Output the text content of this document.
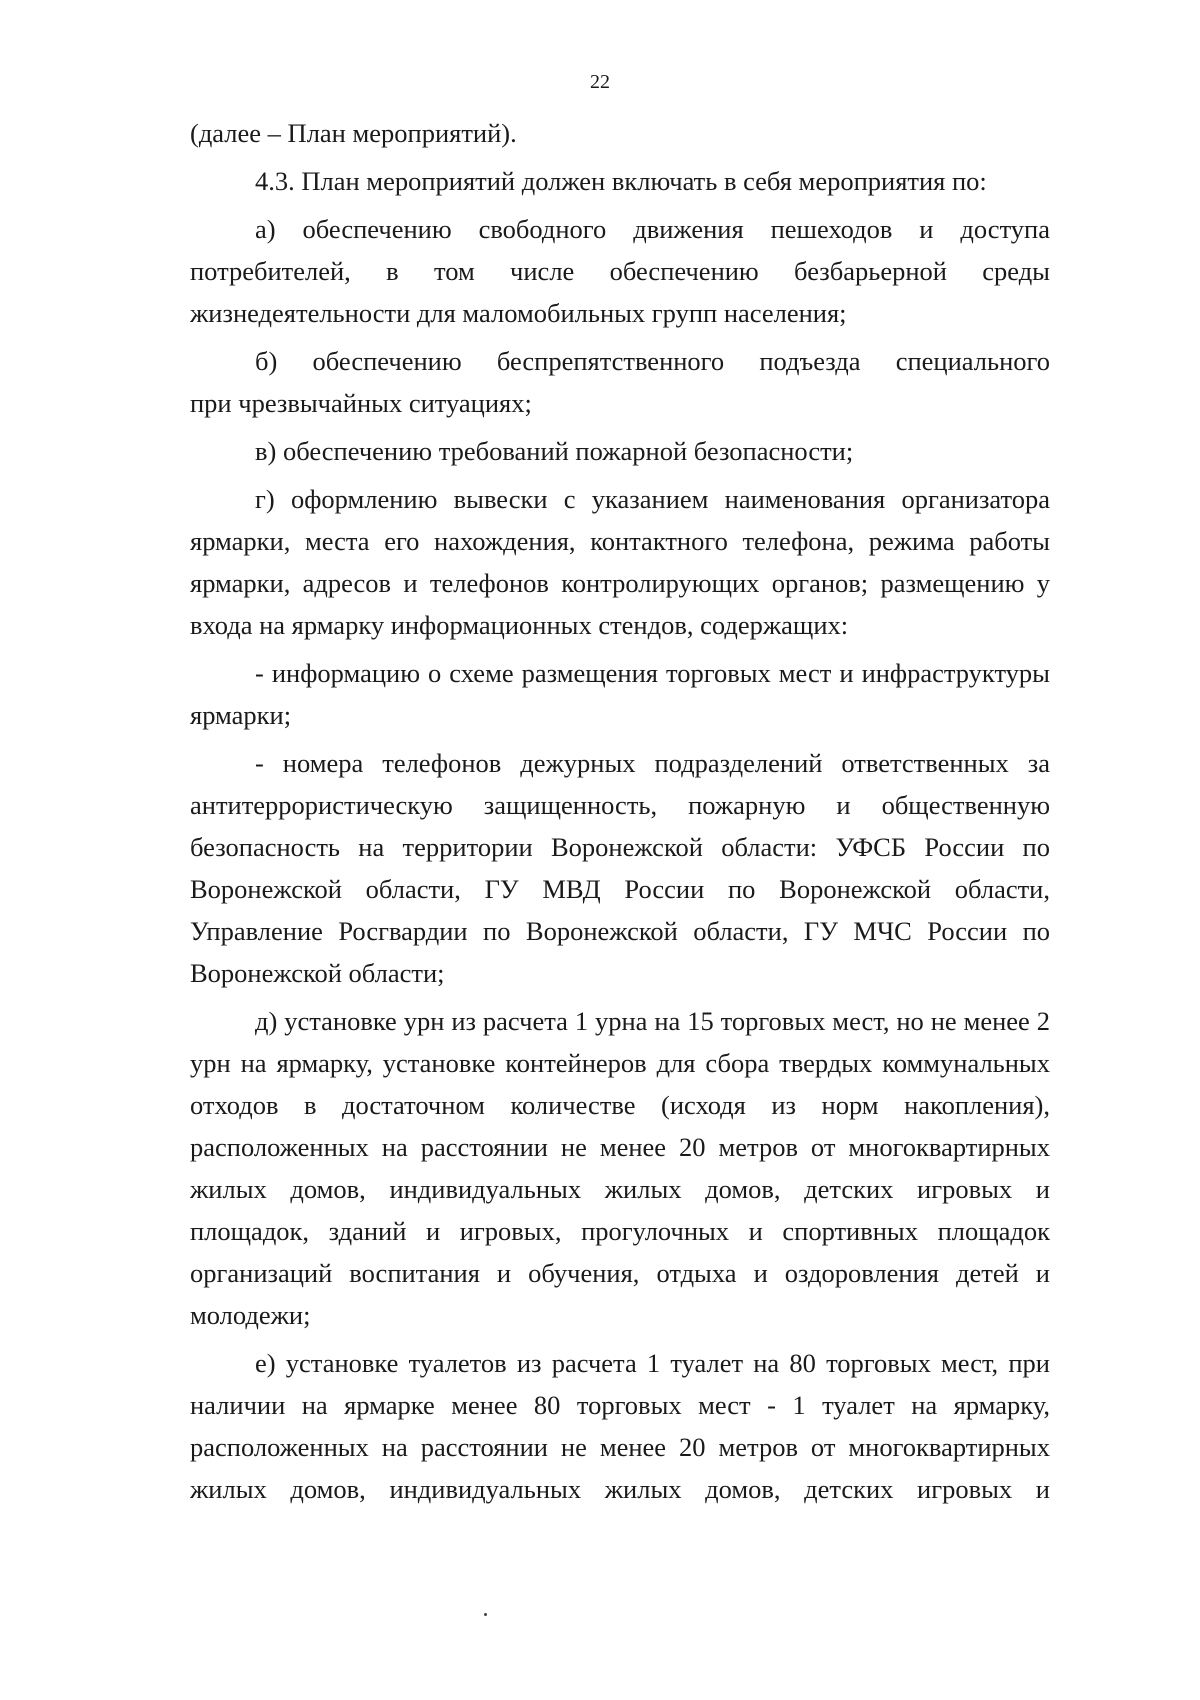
22
(далее – План мероприятий).
4.3. План мероприятий должен включать в себя мероприятия по:
а) обеспечению свободного движения пешеходов и доступа
потребителей, в том числе обеспечению безбарьерной среды
жизнедеятельности для маломобильных групп населения;
б) обеспечению беспрепятственного подъезда специального
при чрезвычайных ситуациях;
в) обеспечению требований пожарной безопасности;
г) оформлению вывески с указанием наименования организатора
ярмарки, места его нахождения, контактного телефона, режима работы
ярмарки, адресов и телефонов контролирующих органов; размещению у
входа на ярмарку информационных стендов, содержащих:
- информацию о схеме размещения торговых мест и инфраструктуры
ярмарки;
- номера телефонов дежурных подразделений ответственных за
антитеррористическую защищенность, пожарную и общественную
безопасность на территории Воронежской области: УФСБ России по
Воронежской области, ГУ МВД России по Воронежской области,
Управление Росгвардии по Воронежской области, ГУ МЧС России по
Воронежской области;
д) установке урн из расчета 1 урна на 15 торговых мест, но не менее 2
урн на ярмарку, установке контейнеров для сбора твердых коммунальных
отходов в достаточном количестве (исходя из норм накопления),
расположенных на расстоянии не менее 20 метров от многоквартирных
жилых домов, индивидуальных жилых домов, детских игровых и
площадок, зданий и игровых, прогулочных и спортивных площадок
организаций воспитания и обучения, отдыха и оздоровления детей и
молодежи;
е) установке туалетов из расчета 1 туалет на 80 торговых мест, при
наличии на ярмарке менее 80 торговых мест - 1 туалет на ярмарку,
расположенных на расстоянии не менее 20 метров от многоквартирных
жилых домов, индивидуальных жилых домов, детских игровых и
